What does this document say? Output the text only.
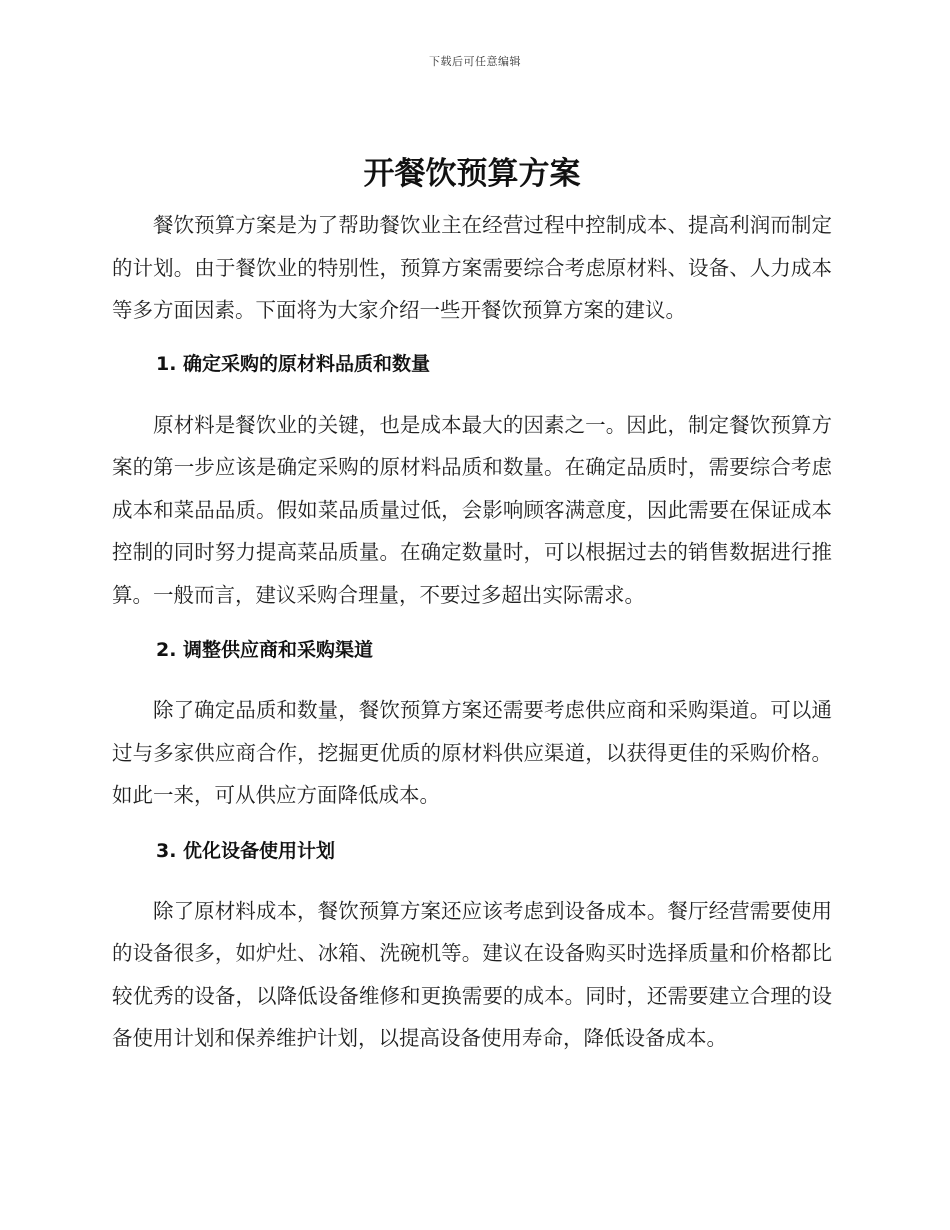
下载后可任意编辑
开餐饮预算方案

餐饮预算方案是为了帮助餐饮业主在经营过程中控制成本、提高利润而制定的计划。由于餐饮业的特别性，预算方案需要综合考虑原材料、设备、人力成本等多方面因素。下面将为大家介绍一些开餐饮预算方案的建议。

1. 确定采购的原材料品质和数量

原材料是餐饮业的关键，也是成本最大的因素之一。因此，制定餐饮预算方案的第一步应该是确定采购的原材料品质和数量。在确定品质时，需要综合考虑成本和菜品品质。假如菜品质量过低，会影响顾客满意度，因此需要在保证成本控制的同时努力提高菜品质量。在确定数量时，可以根据过去的销售数据进行推算。一般而言，建议采购合理量，不要过多超出实际需求。

2. 调整供应商和采购渠道

除了确定品质和数量，餐饮预算方案还需要考虑供应商和采购渠道。可以通过与多家供应商合作，挖掘更优质的原材料供应渠道，以获得更佳的采购价格。如此一来，可从供应方面降低成本。

3. 优化设备使用计划

除了原材料成本，餐饮预算方案还应该考虑到设备成本。餐厅经营需要使用的设备很多，如炉灶、冰箱、洗碗机等。建议在设备购买时选择质量和价格都比较优秀的设备，以降低设备维修和更换需要的成本。同时，还需要建立合理的设备使用计划和保养维护计划，以提高设备使用寿命，降低设备成本。
